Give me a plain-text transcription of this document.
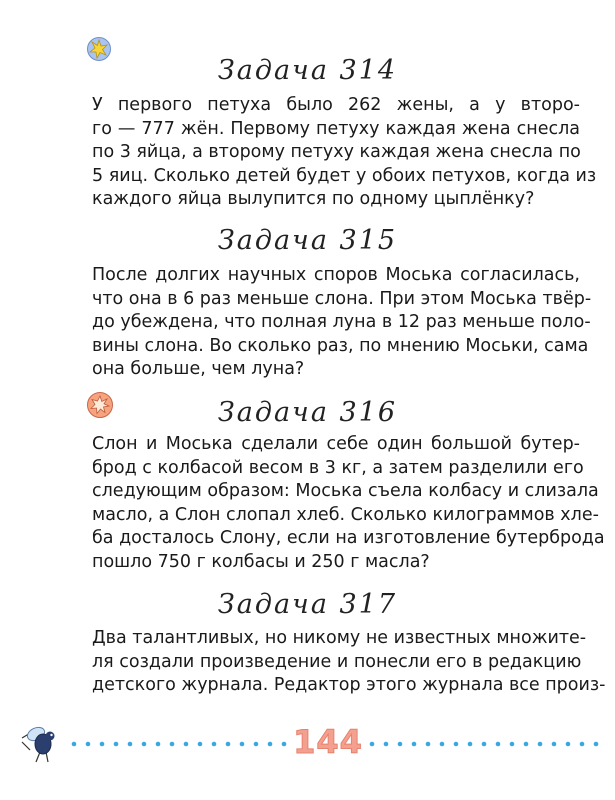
Задача 314
У первого петуха было 262 жены, а у второ-
го — 777 жён. Первому петуху каждая жена снесла
по 3 яйца, а второму петуху каждая жена снесла по
5 яиц. Сколько детей будет у обоих петухов, когда из
каждого яйца вылупится по одному цыплёнку?
Задача 315
После долгих научных споров Моська согласилась,
что она в 6 раз меньше слона. При этом Моська твёр-
до убеждена, что полная луна в 12 раз меньше поло-
вины слона. Во сколько раз, по мнению Моськи, сама
она больше, чем луна?
Задача 316
Слон и Моська сделали себе один большой бутер-
брод с колбасой весом в 3 кг, а затем разделили его
следующим образом: Моська съела колбасу и слизала
масло, а Слон слопал хлеб. Сколько килограммов хле-
ба досталось Слону, если на изготовление бутерброда
пошло 750 г колбасы и 250 г масла?
Задача 317
Два талантливых, но никому не известных множите-
ля создали произведение и понесли его в редакцию
детского журнала. Редактор этого журнала все произ-
144
